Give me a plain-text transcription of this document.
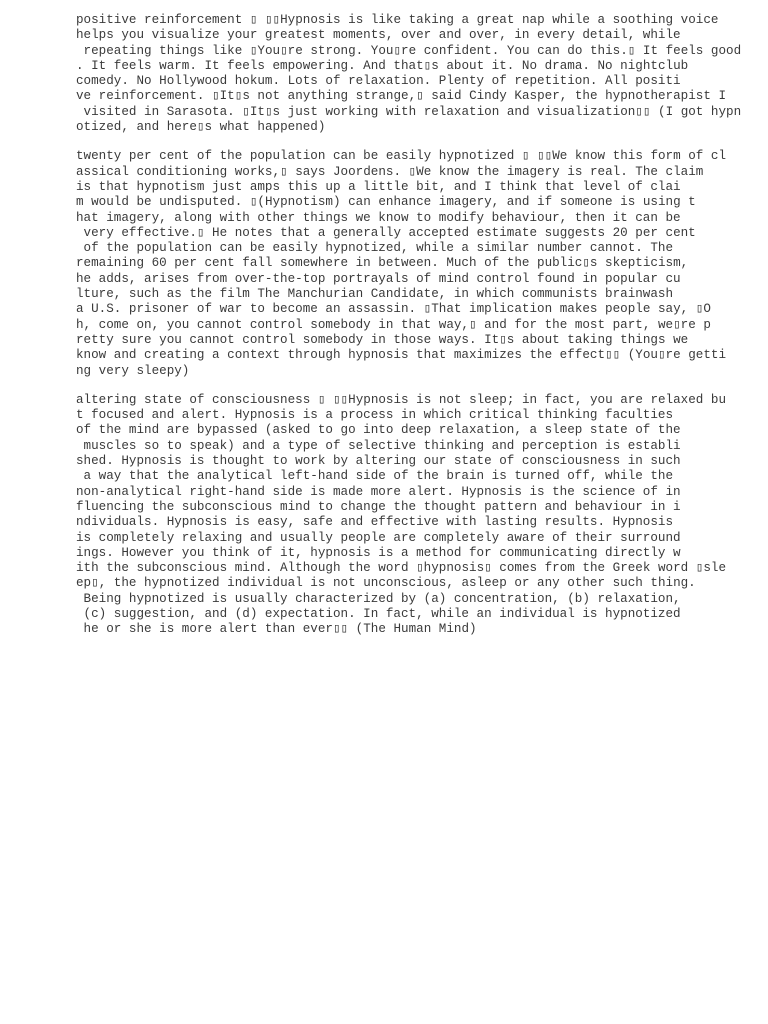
positive reinforcement ▯ ▯▯Hypnosis is like taking a great nap while a soothing voice
helps you visualize your greatest moments, over and over, in every detail, while
repeating things like ▯You▯re strong. You▯re confident. You can do this.▯ It feels good
. It feels warm. It feels empowering. And that▯s about it. No drama. No nightclub
comedy. No Hollywood hokum. Lots of relaxation. Plenty of repetition. All positi
ve reinforcement. ▯It▯s not anything strange,▯ said Cindy Kasper, the hypnotherapist I
visited in Sarasota. ▯It▯s just working with relaxation and visualization▯▯ (I got hypn
otized, and here▯s what happened)
twenty per cent of the population can be easily hypnotized ▯ ▯▯We know this form of cl
assical conditioning works,▯ says Joordens. ▯We know the imagery is real. The claim
is that hypnotism just amps this up a little bit, and I think that level of clai
m would be undisputed. ▯(Hypnotism) can enhance imagery, and if someone is using t
hat imagery, along with other things we know to modify behaviour, then it can be
very effective.▯ He notes that a generally accepted estimate suggests 20 per cent
of the population can be easily hypnotized, while a similar number cannot. The
remaining 60 per cent fall somewhere in between. Much of the public▯s skepticism,
he adds, arises from over-the-top portrayals of mind control found in popular cu
lture, such as the film The Manchurian Candidate, in which communists brainwash
a U.S. prisoner of war to become an assassin. ▯That implication makes people say, ▯O
h, come on, you cannot control somebody in that way,▯ and for the most part, we▯re p
retty sure you cannot control somebody in those ways. It▯s about taking things we
know and creating a context through hypnosis that maximizes the effect▯▯ (You▯re getti
ng very sleepy)
altering state of consciousness ▯ ▯▯Hypnosis is not sleep; in fact, you are relaxed bu
t focused and alert. Hypnosis is a process in which critical thinking faculties
of the mind are bypassed (asked to go into deep relaxation, a sleep state of the
muscles so to speak) and a type of selective thinking and perception is establi
shed. Hypnosis is thought to work by altering our state of consciousness in such
a way that the analytical left-hand side of the brain is turned off, while the
non-analytical right-hand side is made more alert. Hypnosis is the science of in
fluencing the subconscious mind to change the thought pattern and behaviour in i
ndividuals. Hypnosis is easy, safe and effective with lasting results. Hypnosis
is completely relaxing and usually people are completely aware of their surround
ings. However you think of it, hypnosis is a method for communicating directly w
ith the subconscious mind. Although the word ▯hypnosis▯ comes from the Greek word ▯sle
ep▯, the hypnotized individual is not unconscious, asleep or any other such thing.
Being hypnotized is usually characterized by (a) concentration, (b) relaxation,
(c) suggestion, and (d) expectation. In fact, while an individual is hypnotized
he or she is more alert than ever▯▯ (The Human Mind)
